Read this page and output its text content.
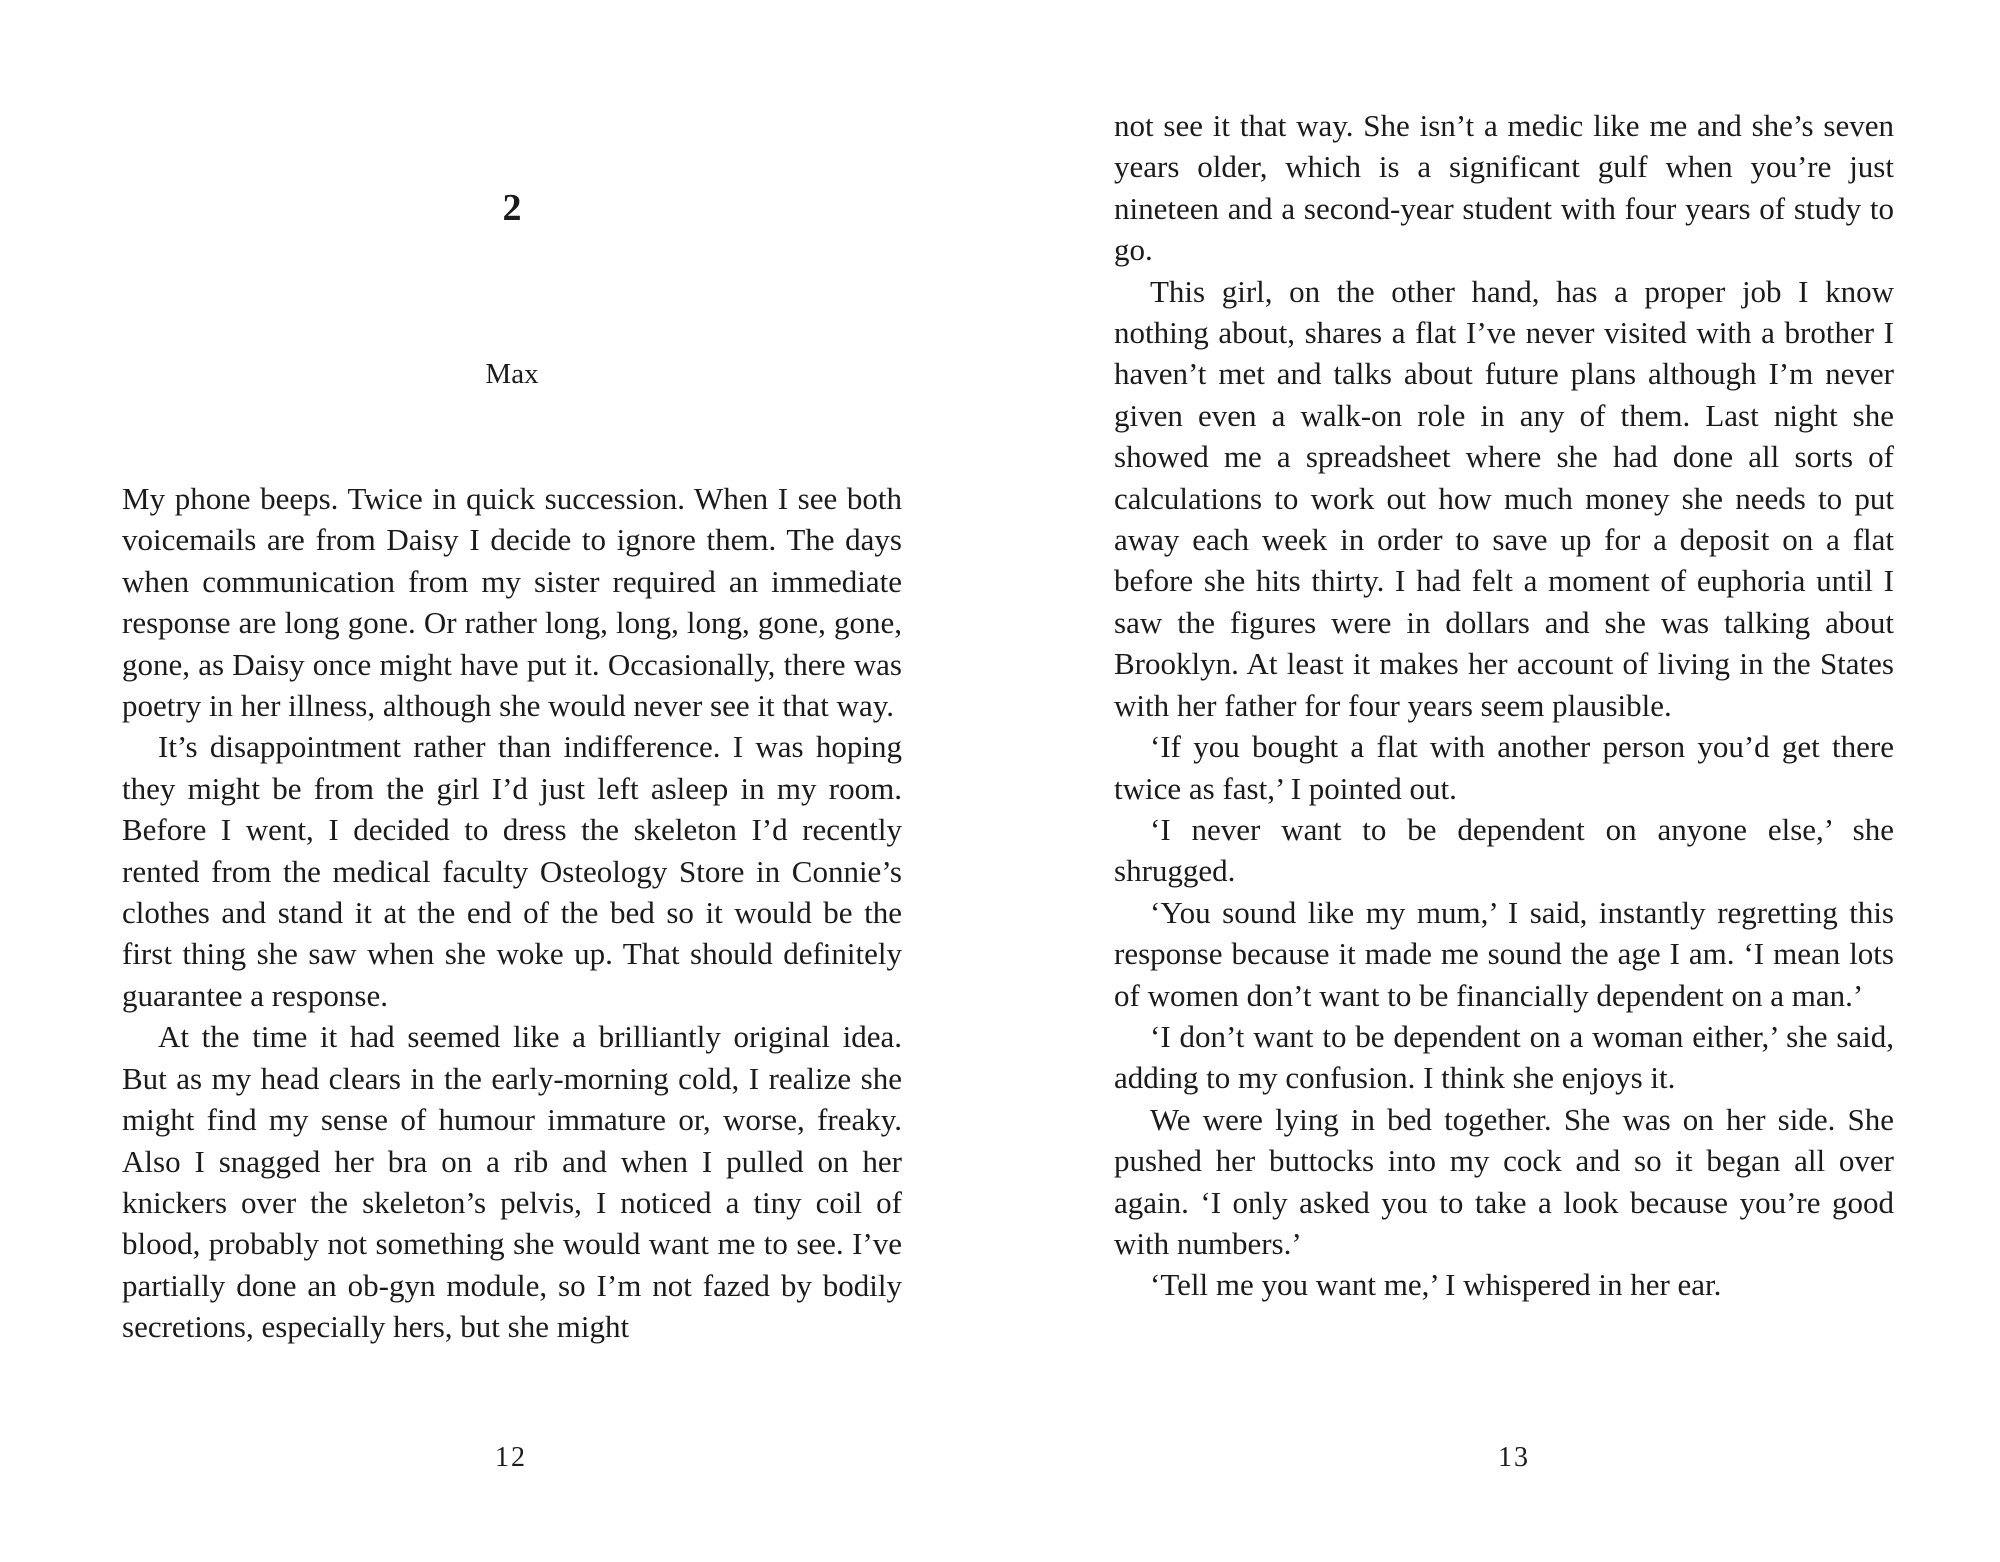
2
Max

My phone beeps. Twice in quick succession. When I see both voicemails are from Daisy I decide to ignore them. The days when communication from my sister required an immediate response are long gone. Or rather long, long, long, gone, gone, gone, as Daisy once might have put it. Occasionally, there was poetry in her illness, although she would never see it that way.

It’s disappointment rather than indifference. I was hoping they might be from the girl I’d just left asleep in my room. Before I went, I decided to dress the skeleton I’d recently rented from the medical faculty Osteology Store in Connie’s clothes and stand it at the end of the bed so it would be the first thing she saw when she woke up. That should definitely guarantee a response.

At the time it had seemed like a brilliantly original idea. But as my head clears in the early-morning cold, I realize she might find my sense of humour immature or, worse, freaky. Also I snagged her bra on a rib and when I pulled on her knickers over the skeleton’s pelvis, I noticed a tiny coil of blood, probably not something she would want me to see. I’ve partially done an ob-gyn module, so I’m not fazed by bodily secretions, especially hers, but she might

12

not see it that way. She isn’t a medic like me and she’s seven years older, which is a significant gulf when you’re just nineteen and a second-year student with four years of study to go.

This girl, on the other hand, has a proper job I know nothing about, shares a flat I’ve never visited with a brother I haven’t met and talks about future plans although I’m never given even a walk-on role in any of them. Last night she showed me a spreadsheet where she had done all sorts of calculations to work out how much money she needs to put away each week in order to save up for a deposit on a flat before she hits thirty. I had felt a moment of euphoria until I saw the figures were in dollars and she was talking about Brooklyn. At least it makes her account of living in the States with her father for four years seem plausible.

‘If you bought a flat with another person you’d get there twice as fast,’ I pointed out.

‘I never want to be dependent on anyone else,’ she shrugged.

‘You sound like my mum,’ I said, instantly regretting this response because it made me sound the age I am. ‘I mean lots of women don’t want to be financially dependent on a man.’

‘I don’t want to be dependent on a woman either,’ she said, adding to my confusion. I think she enjoys it.

We were lying in bed together. She was on her side. She pushed her buttocks into my cock and so it began all over again. ‘I only asked you to take a look because you’re good with numbers.’

‘Tell me you want me,’ I whispered in her ear.

13
